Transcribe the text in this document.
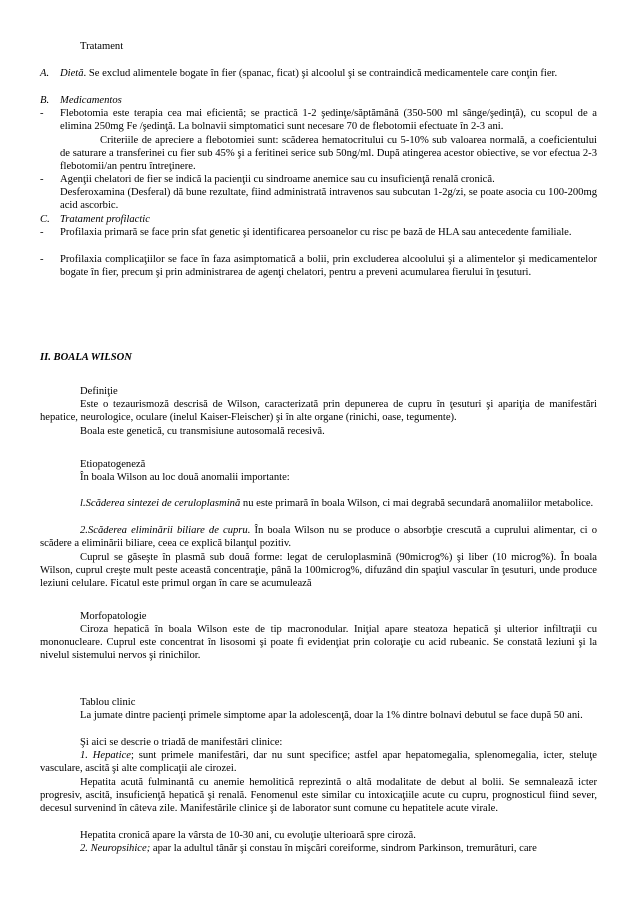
Tratament

A. Dietă. Se exclud alimentele bogate în fier (spanac, ficat) şi alcoolul şi se contraindică medicamentele care conţin fier.

B. Medicamentos

- Flebotomia este terapia cea mai eficientă; se practică 1-2 şedinţe/săptămână (350-500 ml sânge/şedinţă), cu scopul de a elimina 250mg Fe /şedinţă. La bolnavii simptomatici sunt necesare 70 de flebotomii efectuate în 2-3 ani.

Criteriile de apreciere a flebotomiei sunt: scăderea hematocritului cu 5-10% sub valoarea normală, a coeficientului de saturare a transferinei cu fier sub 45% şi a feritinei serice sub 50ng/ml. După atingerea acestor obiective, se vor efectua 2-3 flebotomii/an pentru întreţinere.

- Agenţii chelatori de fier se indică la pacienţii cu sindroame anemice sau cu insuficienţă renală cronică.

Desferoxamina (Desferal) dă bune rezultate, fiind administrată intravenos sau subcutan 1-2g/zi, se poate asocia cu 100-200mg acid ascorbic.

C. Tratament profilactic

- Profilaxia primară se face prin sfat genetic şi identificarea persoanelor cu risc pe bază de HLA sau antecedente familiale.

- Profilaxia complicaţiilor se face în faza asimptomatică a bolii, prin excluderea alcoolului şi a alimentelor şi medicamentelor bogate în fier, precum şi prin administrarea de agenţi chelatori, pentru a preveni acumularea fierului în ţesuturi.

II. BOALA WILSON

Definiţie

Este o tezaurismoză descrisă de Wilson, caracterizată prin depunerea de cupru în ţesuturi şi apariţia de manifestări hepatice, neurologice, oculare (inelul Kaiser-Fleischer) şi în alte organe (rinichi, oase, tegumente).

Boala este genetică, cu transmisiune autosomală recesivă.

Etiopatogeneză

În boala Wilson au loc două anomalii importante:

l.Scăderea sintezei de ceruloplasmină nu este primară în boala Wilson, ci mai degrabă secundară anomaliilor metabolice.

2.Scăderea eliminării biliare de cupru. În boala Wilson nu se produce o absorbţie crescută a cuprului alimentar, ci o scădere a eliminării biliare, ceea ce explică bilanţul pozitiv.

Cuprul se găseşte în plasmă sub două forme: legat de ceruloplasmină (90microg%) şi liber (10 microg%). În boala Wilson, cuprul creşte mult peste această concentraţie, până la 100microg%, difuzând din spaţiul vascular în ţesuturi, unde produce leziuni celulare. Ficatul este primul organ în care se acumulează

Morfopatologie

Ciroza hepatică în boala Wilson este de tip macronodular. Iniţial apare steatoza hepatică şi ulterior infiltraţii cu mononucleare. Cuprul este concentrat în lisosomi şi poate fi evidenţiat prin coloraţie cu acid rubeanic. Se constată leziuni şi la nivelul sistemului nervos şi rinichilor.

Tablou clinic

La jumate dintre pacienţi primele simptome apar la adolescenţă, doar la 1% dintre bolnavi debutul se face după 50 ani.

Şi aici se descrie o triadă de manifestări clinice:

1. Hepatice; sunt primele manifestări, dar nu sunt specifice; astfel apar hepatomegalia, splenomegalia, icter, steluţe vasculare, ascită şi alte complicaţii ale cirozei.

Hepatita acută fulminantă cu anemie hemolitică reprezintă o altă modalitate de debut al bolii. Se semnalează icter progresiv, ascită, insuficienţă hepatică şi renală. Fenomenul este similar cu intoxicaţiile acute cu cupru, prognosticul fiind sever, decesul survenind în câteva zile. Manifestările clinice şi de laborator sunt comune cu hepatitele acute virale.

Hepatita cronică apare la vârsta de 10-30 ani, cu evoluţie ulterioară spre ciroză.

2. Neuropsihice; apar la adultul tânăr şi constau în mişcări coreiforme, sindrom Parkinson, tremurături, care
